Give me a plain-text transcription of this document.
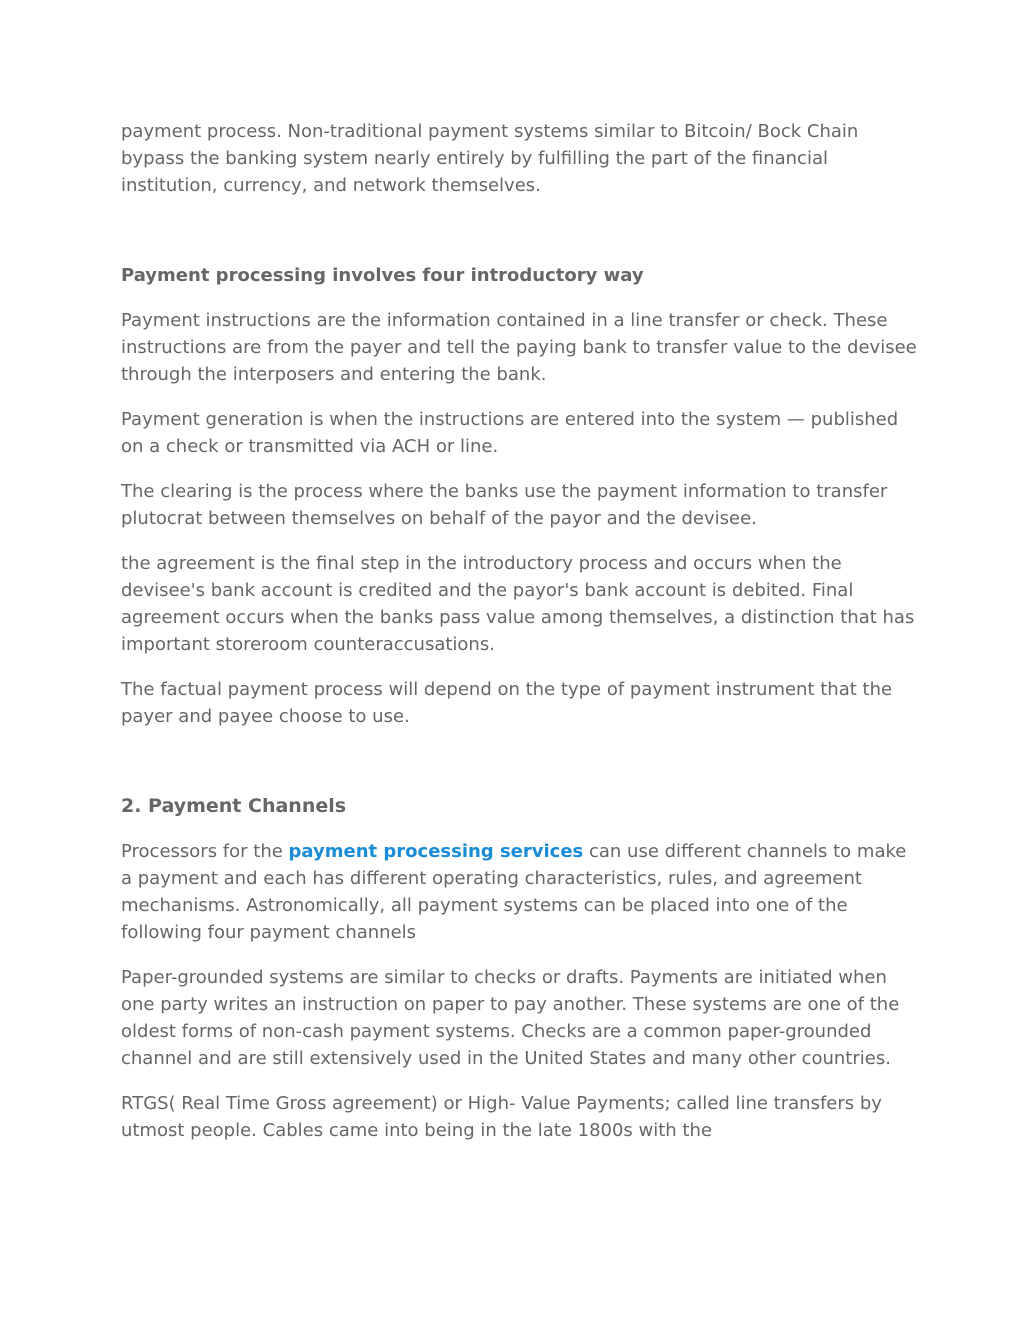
payment process. Non-traditional payment systems similar to Bitcoin/ Bock Chain bypass the banking system nearly entirely by fulfilling the part of the financial institution, currency, and network themselves.

Payment processing involves four introductory way

Payment instructions are the information contained in a line transfer or check. These instructions are from the payer and tell the paying bank to transfer value to the devisee through the interposers and entering the bank.

Payment generation is when the instructions are entered into the system — published on a check or transmitted via ACH or line.

The clearing is the process where the banks use the payment information to transfer plutocrat between themselves on behalf of the payor and the devisee.

the agreement is the final step in the introductory process and occurs when the devisee's bank account is credited and the payor's bank account is debited. Final agreement occurs when the banks pass value among themselves, a distinction that has important storeroom counteraccusations.

The factual payment process will depend on the type of payment instrument that the payer and payee choose to use.

2. Payment Channels

Processors for the payment processing services can use different channels to make a payment and each has different operating characteristics, rules, and agreement mechanisms. Astronomically, all payment systems can be placed into one of the following four payment channels

Paper-grounded systems are similar to checks or drafts. Payments are initiated when one party writes an instruction on paper to pay another. These systems are one of the oldest forms of non-cash payment systems. Checks are a common paper-grounded channel and are still extensively used in the United States and many other countries.

RTGS( Real Time Gross agreement) or High- Value Payments; called line transfers by utmost people. Cables came into being in the late 1800s with the
